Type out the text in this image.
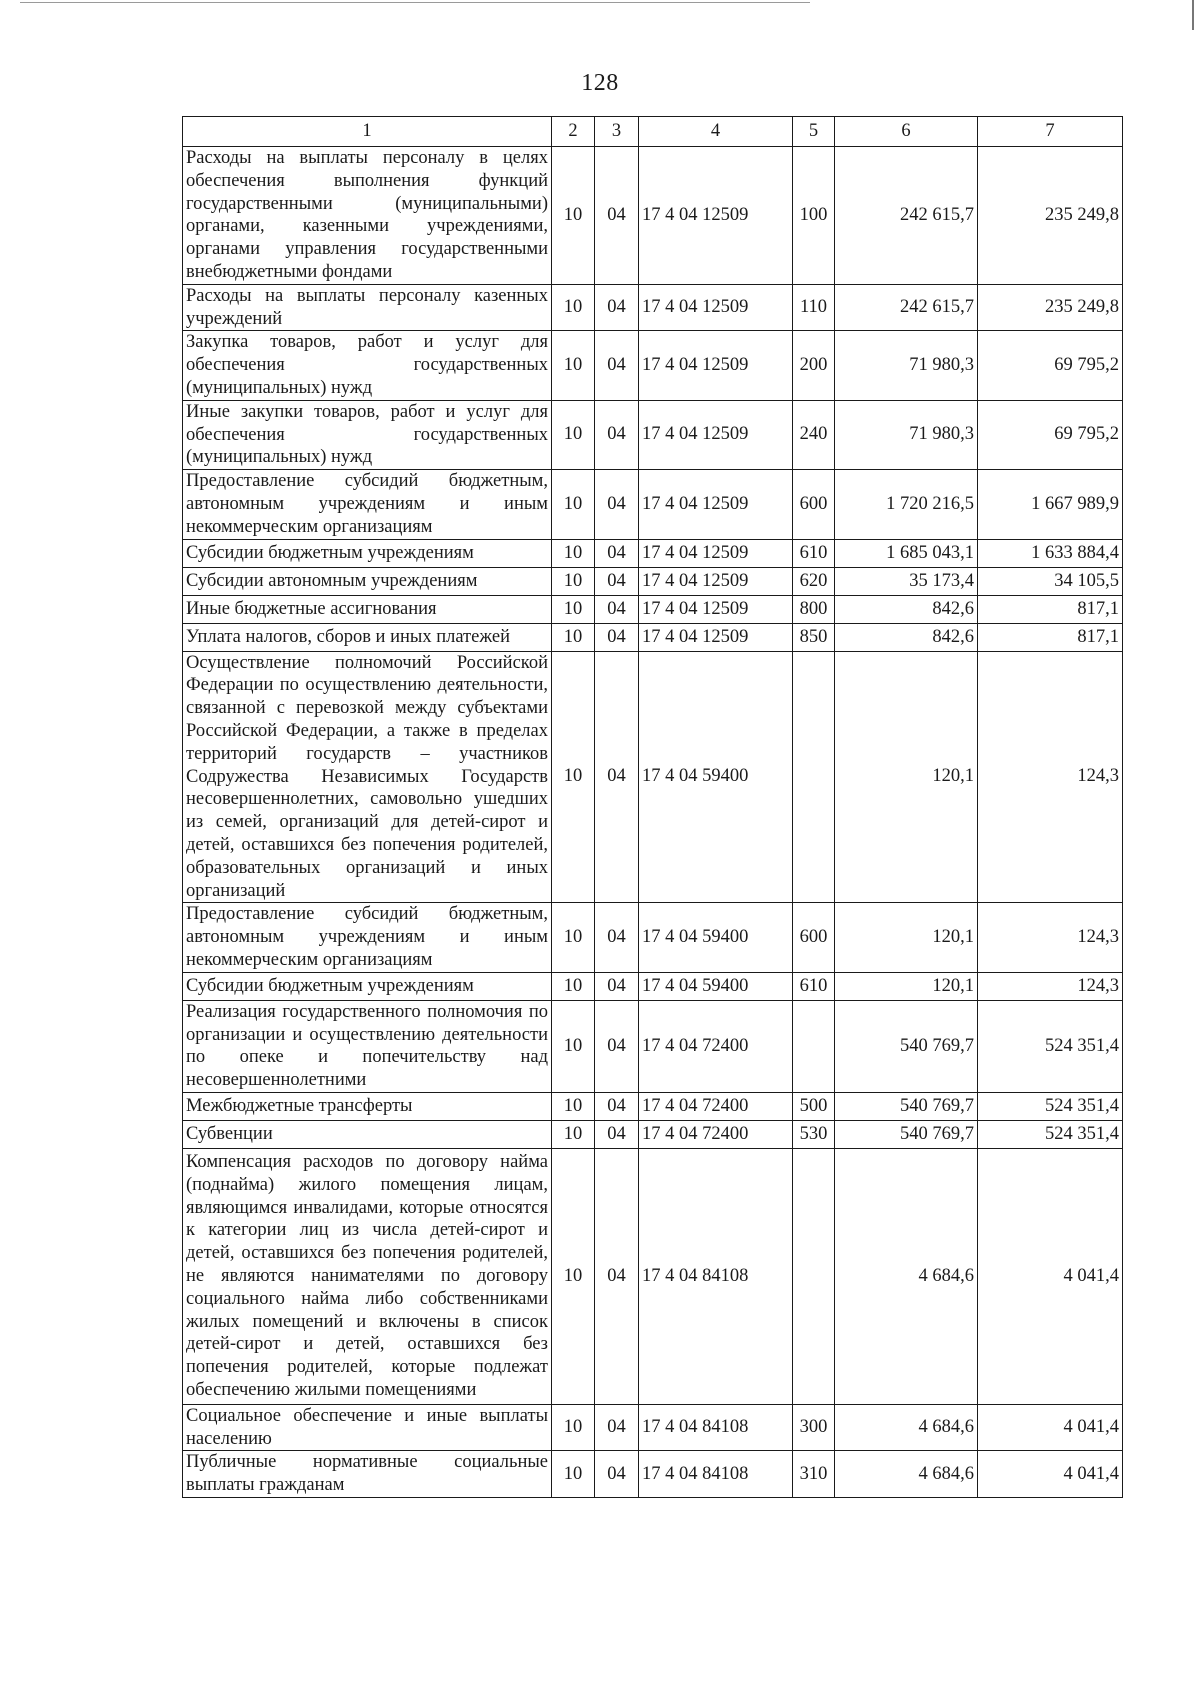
128
1	2	3	4	5	6	7
Расходы на выплаты персоналу в целях обеспечения выполнения функций государственными (муниципальными) органами, казенными учреждениями, органами управления государственными внебюджетными фондами	10	04	17 4 04 12509	100	242 615,7	235 249,8
Расходы на выплаты персоналу казенных учреждений	10	04	17 4 04 12509	110	242 615,7	235 249,8
Закупка товаров, работ и услуг для обеспечения государственных (муниципальных) нужд	10	04	17 4 04 12509	200	71 980,3	69 795,2
Иные закупки товаров, работ и услуг для обеспечения государственных (муниципальных) нужд	10	04	17 4 04 12509	240	71 980,3	69 795,2
Предоставление субсидий бюджетным, автономным учреждениям и иным некоммерческим организациям	10	04	17 4 04 12509	600	1 720 216,5	1 667 989,9
Субсидии бюджетным учреждениям	10	04	17 4 04 12509	610	1 685 043,1	1 633 884,4
Субсидии автономным учреждениям	10	04	17 4 04 12509	620	35 173,4	34 105,5
Иные бюджетные ассигнования	10	04	17 4 04 12509	800	842,6	817,1
Уплата налогов, сборов и иных платежей	10	04	17 4 04 12509	850	842,6	817,1
Осуществление полномочий Российской Федерации по осуществлению деятельности, связанной с перевозкой между субъектами Российской Федерации, а также в пределах территорий государств – участников Содружества Независимых Государств несовершеннолетних, самовольно ушедших из семей, организаций для детей-сирот и детей, оставшихся без попечения родителей, образовательных организаций и иных организаций	10	04	17 4 04 59400		120,1	124,3
Предоставление субсидий бюджетным, автономным учреждениям и иным некоммерческим организациям	10	04	17 4 04 59400	600	120,1	124,3
Субсидии бюджетным учреждениям	10	04	17 4 04 59400	610	120,1	124,3
Реализация государственного полномочия по организации и осуществлению деятельности по опеке и попечительству над несовершеннолетними	10	04	17 4 04 72400		540 769,7	524 351,4
Межбюджетные трансферты	10	04	17 4 04 72400	500	540 769,7	524 351,4
Субвенции	10	04	17 4 04 72400	530	540 769,7	524 351,4
Компенсация расходов по договору найма (поднайма) жилого помещения лицам, являющимся инвалидами, которые относятся к категории лиц из числа детей-сирот и детей, оставшихся без попечения родителей, не являются нанимателями по договору социального найма либо собственниками жилых помещений и включены в список детей-сирот и детей, оставшихся без попечения родителей, которые подлежат обеспечению жилыми помещениями	10	04	17 4 04 84108		4 684,6	4 041,4
Социальное обеспечение и иные выплаты населению	10	04	17 4 04 84108	300	4 684,6	4 041,4
Публичные нормативные социальные выплаты гражданам	10	04	17 4 04 84108	310	4 684,6	4 041,4
